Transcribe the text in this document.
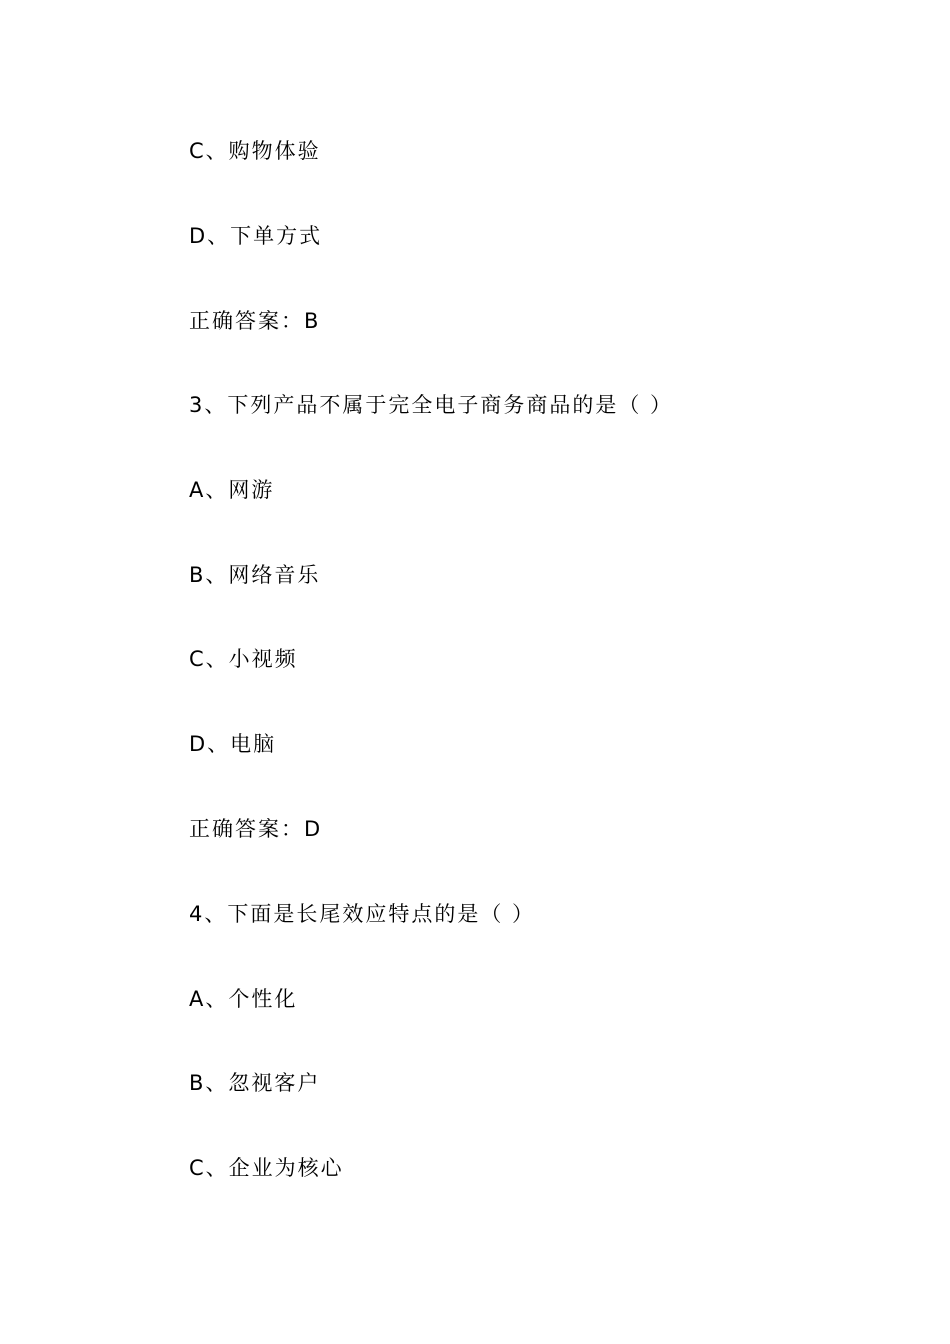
C、购物体验
D、下单方式
正确答案：B
3、下列产品不属于完全电子商务商品的是（ ）
A、网游
B、网络音乐
C、小视频
D、电脑
正确答案：D
4、下面是长尾效应特点的是（ ）
A、个性化
B、忽视客户
C、企业为核心
